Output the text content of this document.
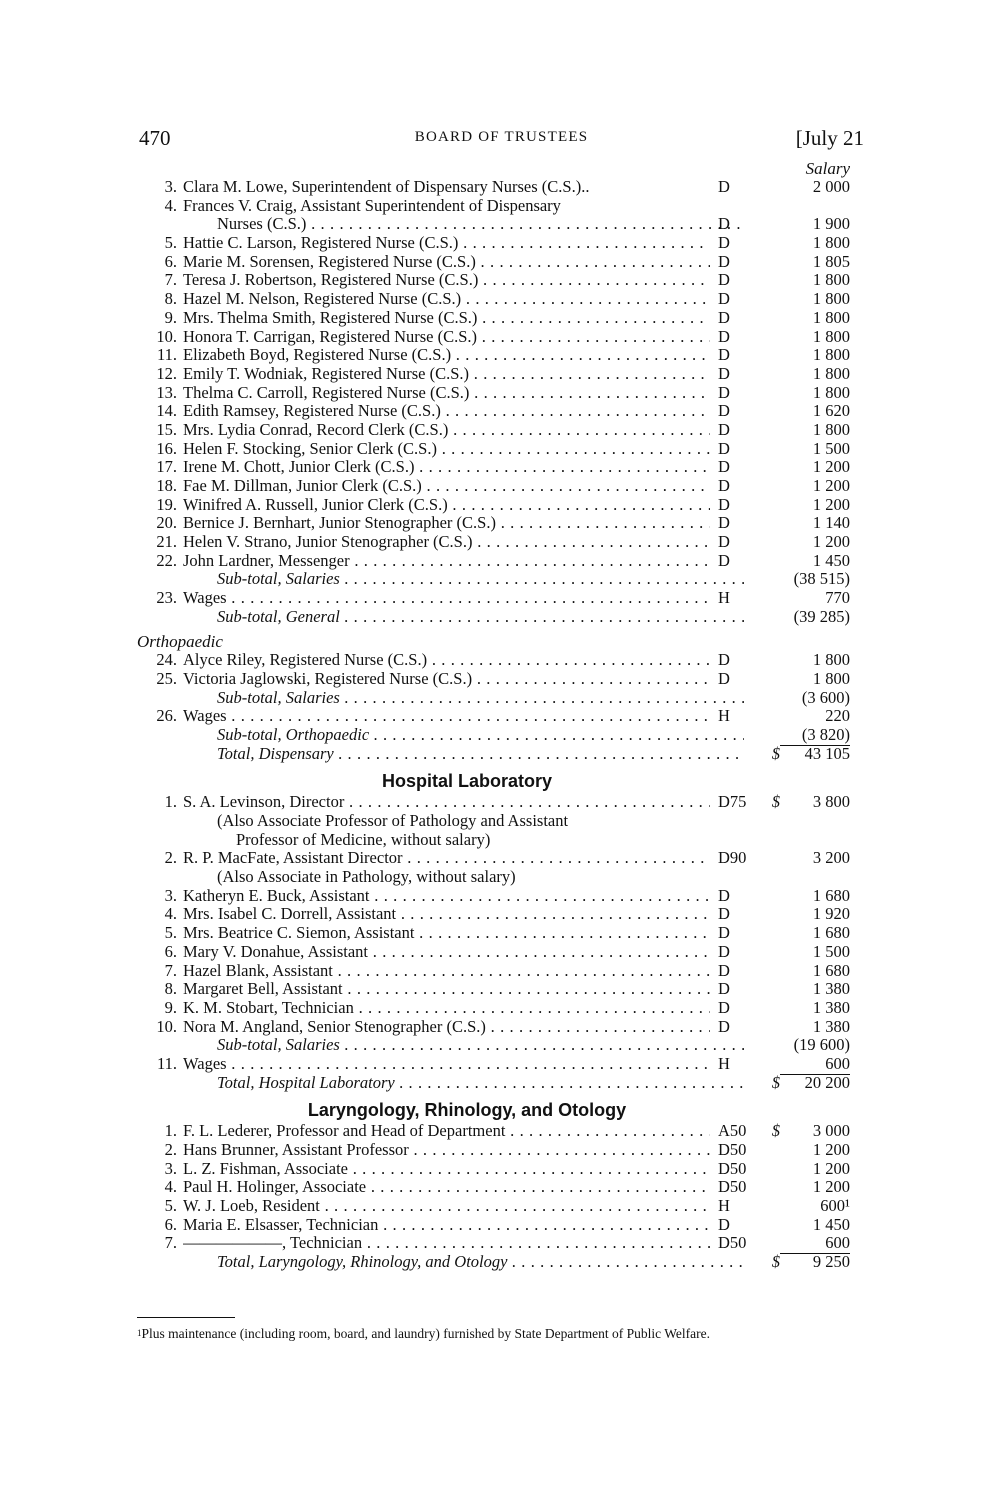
470	BOARD OF TRUSTEES	[July 21
Salary
3. Clara M. Lowe, Superintendent of Dispensary Nurses (C.S.)..	D	2 000
4. Frances V. Craig, Assistant Superintendent of Dispensary
Nurses (C.S.) . . .	D	1 900
5. Hattie C. Larson, Registered Nurse (C.S.) . . .	D	1 800
6. Marie M. Sorensen, Registered Nurse (C.S.) . . .	D	1 805
7. Teresa J. Robertson, Registered Nurse (C.S.) . . .	D	1 800
8. Hazel M. Nelson, Registered Nurse (C.S.) . . .	D	1 800
9. Mrs. Thelma Smith, Registered Nurse (C.S.) . . .	D	1 800
10. Honora T. Carrigan, Registered Nurse (C.S.) . . .	D	1 800
11. Elizabeth Boyd, Registered Nurse (C.S.) . . .	D	1 800
12. Emily T. Wodniak, Registered Nurse (C.S.) . . .	D	1 800
13. Thelma C. Carroll, Registered Nurse (C.S.) . . .	D	1 800
14. Edith Ramsey, Registered Nurse (C.S.) . . .	D	1 620
15. Mrs. Lydia Conrad, Record Clerk (C.S.) . . .	D	1 800
16. Helen F. Stocking, Senior Clerk (C.S.) . . .	D	1 500
17. Irene M. Chott, Junior Clerk (C.S.) . . .	D	1 200
18. Fae M. Dillman, Junior Clerk (C.S.) . . .	D	1 200
19. Winifred A. Russell, Junior Clerk (C.S.) . . .	D	1 200
20. Bernice J. Bernhart, Junior Stenographer (C.S.) . . .	D	1 140
21. Helen V. Strano, Junior Stenographer (C.S.) . . .	D	1 200
22. John Lardner, Messenger . . .	D	1 450
Sub-total, Salaries . . .	(38 515)
23. Wages . . .	H	770
Sub-total, General . . .	(39 285)
Orthopaedic
24. Alyce Riley, Registered Nurse (C.S.) . . .	D	1 800
25. Victoria Jaglowski, Registered Nurse (C.S.) . . .	D	1 800
Sub-total, Salaries . . .	(3 600)
26. Wages . . .	H	220
Sub-total, Orthopaedic . . .	(3 820)
Total, Dispensary . . .	$	43 105
Hospital Laboratory
1. S. A. Levinson, Director . . .	D75	$	3 800
(Also Associate Professor of Pathology and Assistant
Professor of Medicine, without salary)
2. R. P. MacFate, Assistant Director . . .	D90	3 200
(Also Associate in Pathology, without salary)
3. Katheryn E. Buck, Assistant . . .	D	1 680
4. Mrs. Isabel C. Dorrell, Assistant . . .	D	1 920
5. Mrs. Beatrice C. Siemon, Assistant . . .	D	1 680
6. Mary V. Donahue, Assistant . . .	D	1 500
7. Hazel Blank, Assistant . . .	D	1 680
8. Margaret Bell, Assistant . . .	D	1 380
9. K. M. Stobart, Technician . . .	D	1 380
10. Nora M. Angland, Senior Stenographer (C.S.) . . .	D	1 380
Sub-total, Salaries . . .	(19 600)
11. Wages . . .	H	600
Total, Hospital Laboratory . . .	$	20 200
Laryngology, Rhinology, and Otology
1. F. L. Lederer, Professor and Head of Department . . .	A50	$	3 000
2. Hans Brunner, Assistant Professor . . .	D50	1 200
3. L. Z. Fishman, Associate . . .	D50	1 200
4. Paul H. Holinger, Associate . . .	D50	1 200
5. W. J. Loeb, Resident . . .	H	600¹
6. Maria E. Elsasser, Technician . . .	D	1 450
7. ——————, Technician . . .	D50	600
Total, Laryngology, Rhinology, and Otology . . .	$	9 250
$^1$Plus maintenance (including room, board, and laundry) furnished by State Department of Public Welfare.
